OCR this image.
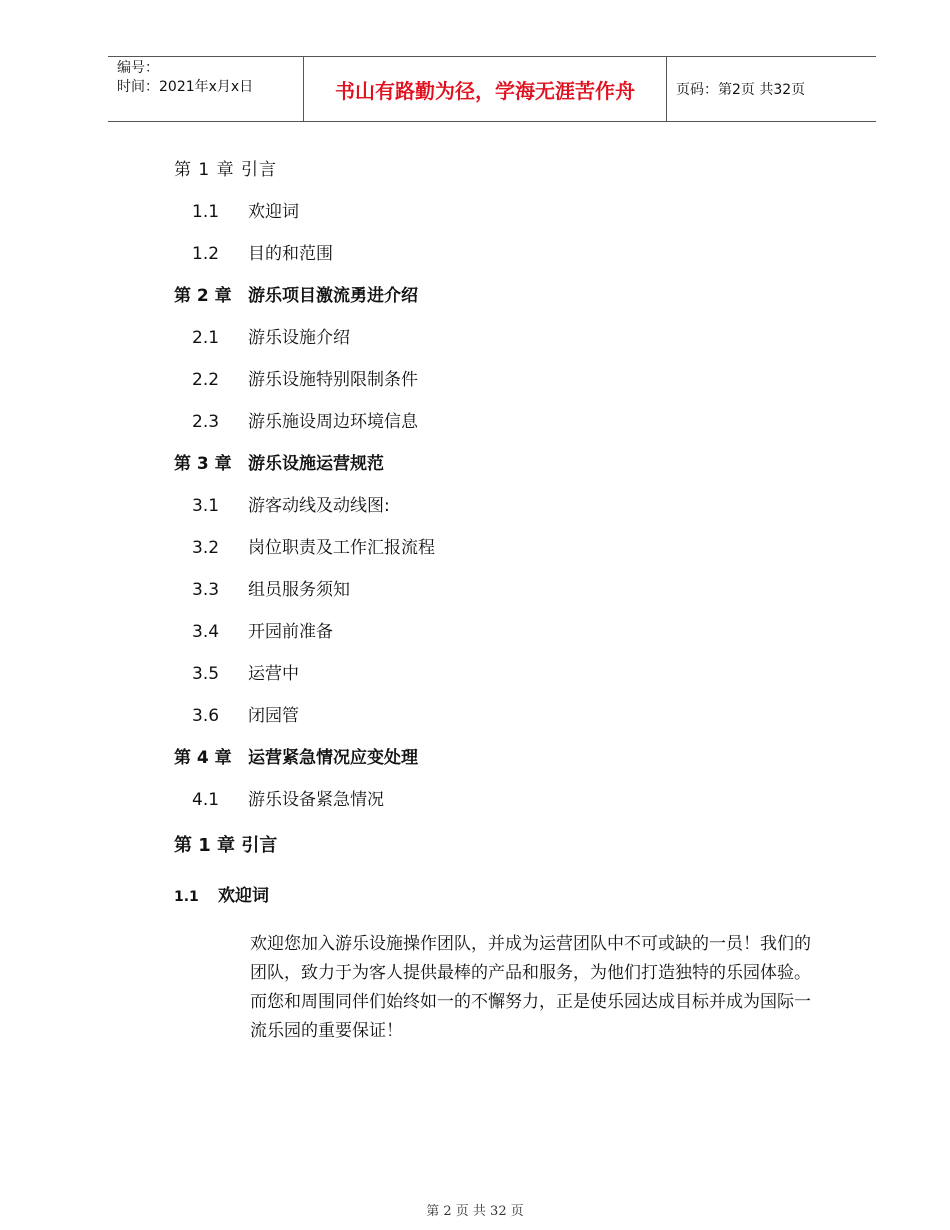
编号：
时间：2021年x月x日	书山有路勤为径，学海无涯苦作舟	页码：第2页 共32页
第 1 章 引言
1.1 欢迎词
1.2 目的和范围
第 2 章 游乐项目激流勇进介绍
2.1 游乐设施介绍
2.2 游乐设施特别限制条件
2.3 游乐施设周边环境信息
第 3 章 游乐设施运营规范
3.1 游客动线及动线图:
3.2 岗位职责及工作汇报流程
3.3 组员服务须知
3.4 开园前准备
3.5 运营中
3.6 闭园管
第 4 章 运营紧急情况应变处理
4.1 游乐设备紧急情况
第 1 章 引言
1.1 欢迎词
欢迎您加入游乐设施操作团队，并成为运营团队中不可或缺的一员！我们的团队，致力于为客人提供最棒的产品和服务，为他们打造独特的乐园体验。而您和周围同伴们始终如一的不懈努力，正是使乐园达成目标并成为国际一流乐园的重要保证！
第 2 页 共 32 页
